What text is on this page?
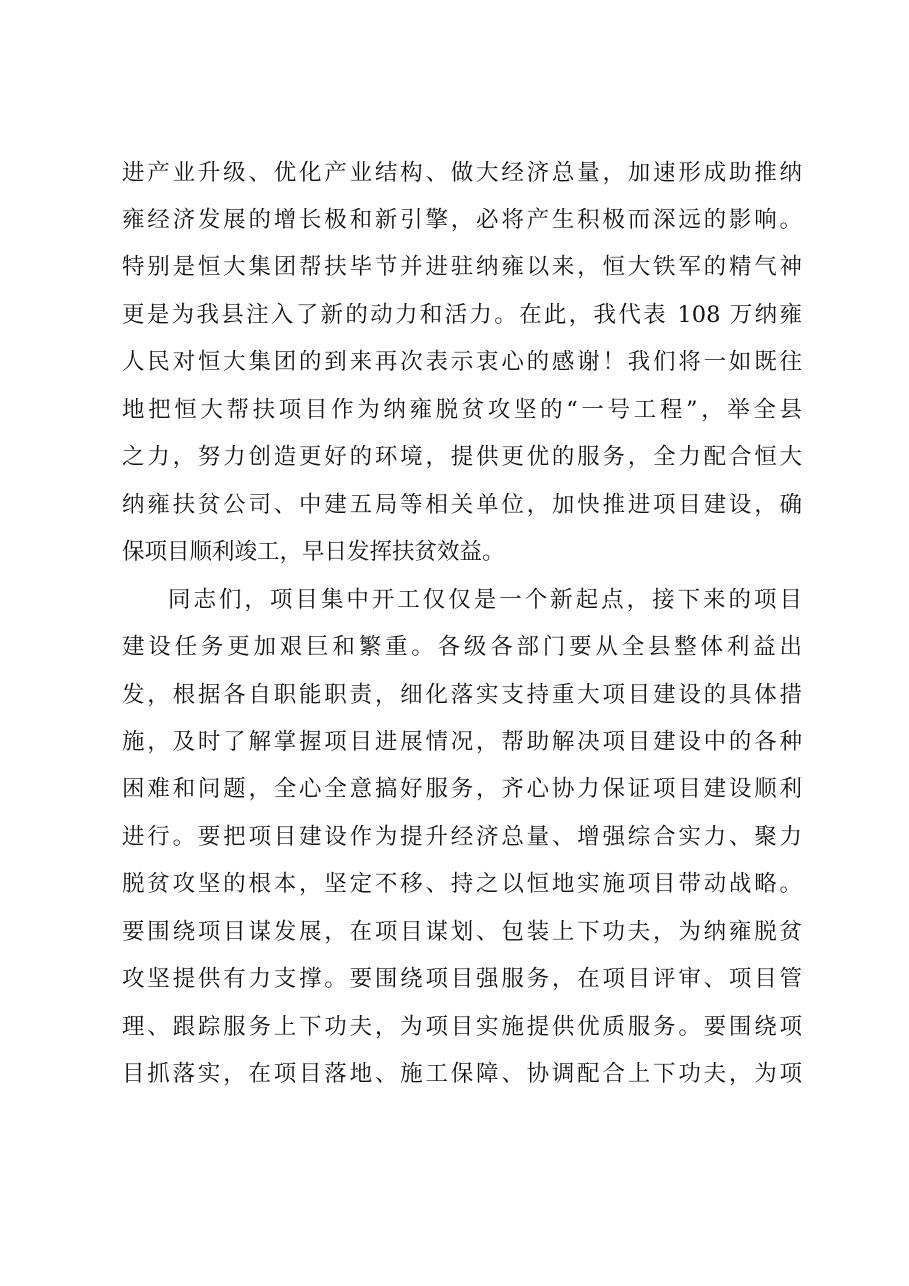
进产业升级、优化产业结构、做大经济总量，加速形成助推纳
雍经济发展的增长极和新引擎，必将产生积极而深远的影响。
特别是恒大集团帮扶毕节并进驻纳雍以来，恒大铁军的精气神
更是为我县注入了新的动力和活力。在此，我代表 108 万纳雍
人民对恒大集团的到来再次表示衷心的感谢！我们将一如既往
地把恒大帮扶项目作为纳雍脱贫攻坚的“一号工程”，举全县
之力，努力创造更好的环境，提供更优的服务，全力配合恒大
纳雍扶贫公司、中建五局等相关单位，加快推进项目建设，确
保项目顺利竣工，早日发挥扶贫效益。
同志们，项目集中开工仅仅是一个新起点，接下来的项目
建设任务更加艰巨和繁重。各级各部门要从全县整体利益出
发，根据各自职能职责，细化落实支持重大项目建设的具体措
施，及时了解掌握项目进展情况，帮助解决项目建设中的各种
困难和问题，全心全意搞好服务，齐心协力保证项目建设顺利
进行。要把项目建设作为提升经济总量、增强综合实力、聚力
脱贫攻坚的根本，坚定不移、持之以恒地实施项目带动战略。
要围绕项目谋发展，在项目谋划、包装上下功夫，为纳雍脱贫
攻坚提供有力支撑。要围绕项目强服务，在项目评审、项目管
理、跟踪服务上下功夫，为项目实施提供优质服务。要围绕项
目抓落实，在项目落地、施工保障、协调配合上下功夫，为项
